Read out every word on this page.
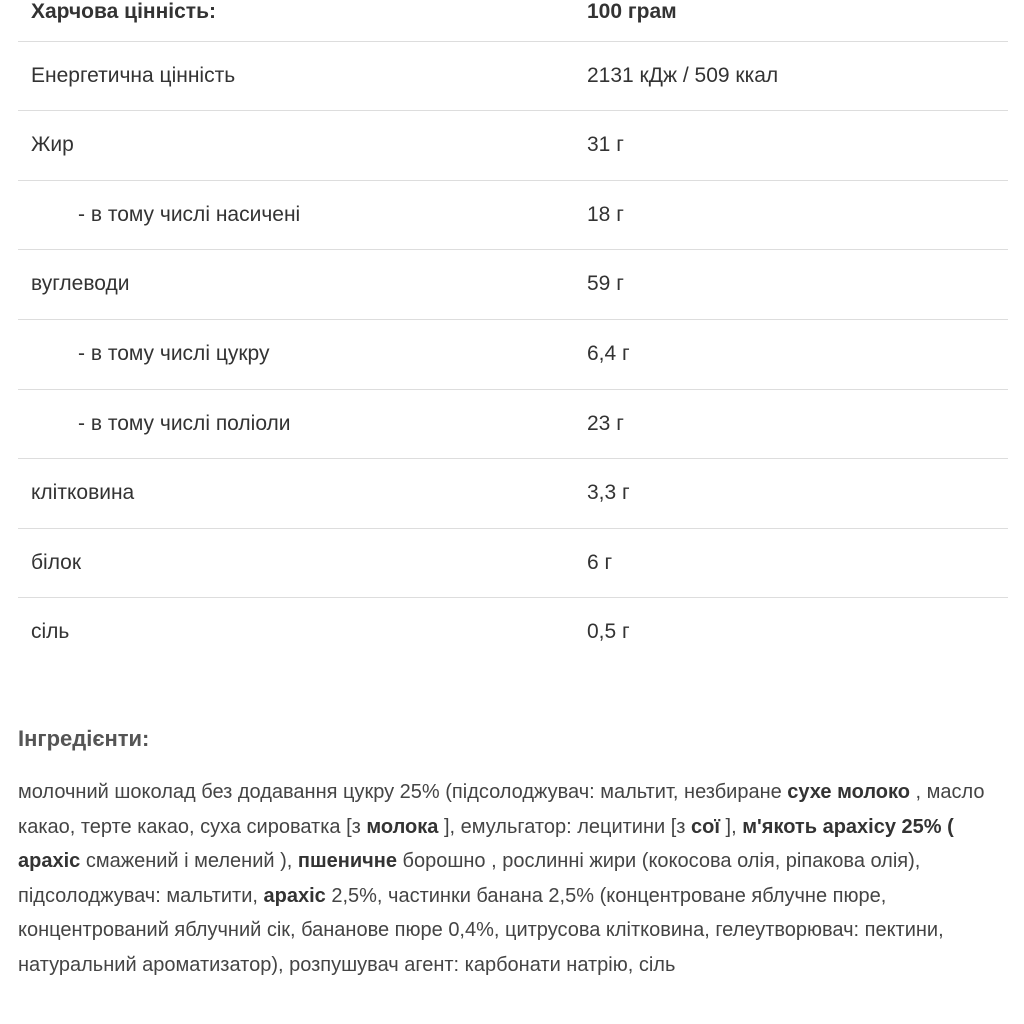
Харчова цінність:	100 грам
Енергетична цінність	2131 кДж / 509 ккал
Жир	31 г
- в тому числі насичені	18 г
вуглеводи	59 г
- в тому числі цукру	6,4 г
- в тому числі поліоли	23 г
клітковина	3,3 г
білок	6 г
сіль	0,5 г
Інгредієнти:

молочний шоколад без додавання цукру 25% (підсолоджувач: мальтит, незбиране сухе молоко , масло какао, терте какао, суха сироватка [з молока ], емульгатор: лецитини [з сої ], м'якоть арахісу 25% ( арахіс смажений і мелений ), пшеничне борошно , рослинні жири (кокосова олія, ріпакова олія), підсолоджувач: мальтити, арахіс 2,5%, частинки банана 2,5% (концентроване яблучне пюре, концентрований яблучний сік, бананове пюре 0,4%, цитрусова клітковина, гелеутворювач: пектини, натуральний ароматизатор), розпушувач агент: карбонати натрію, сіль
